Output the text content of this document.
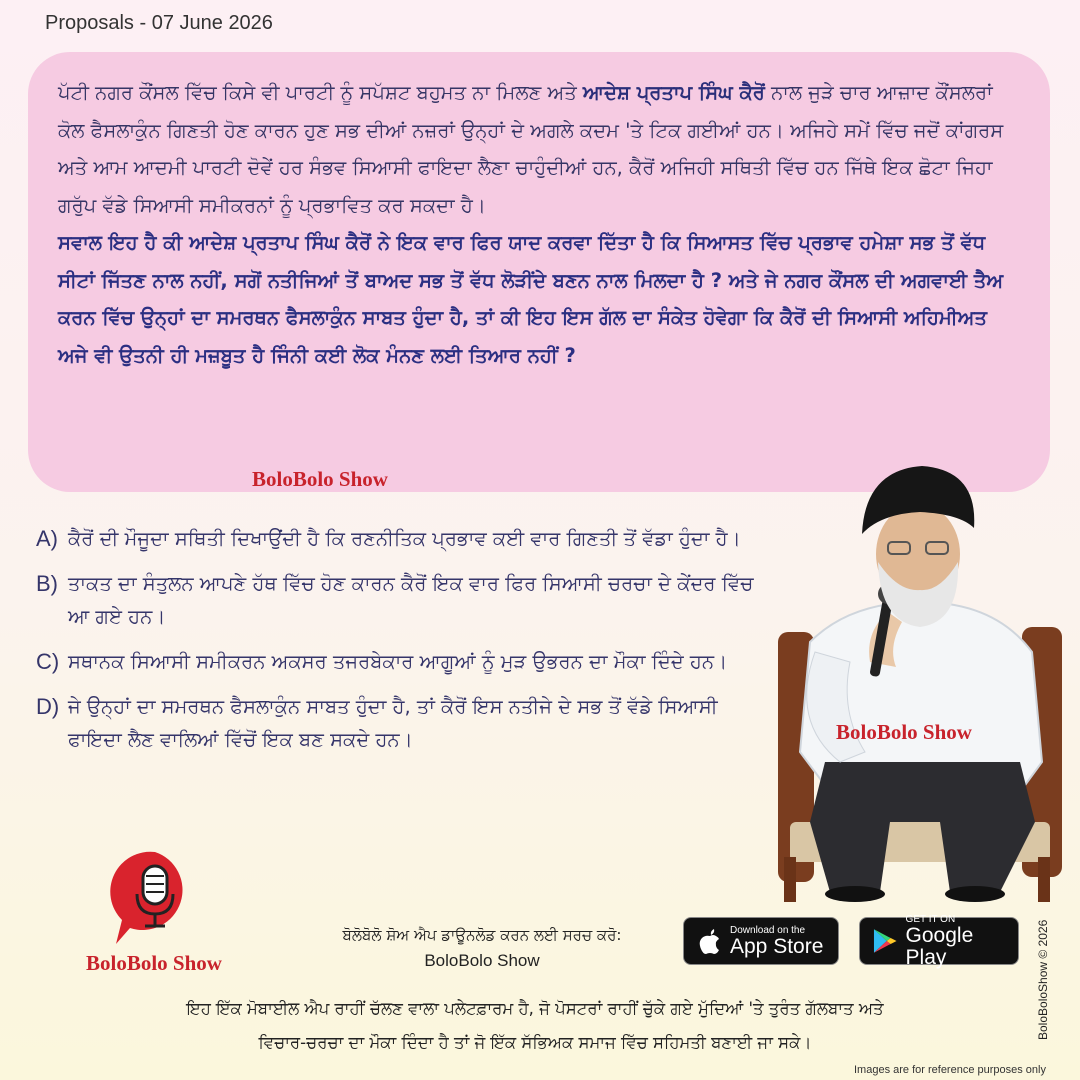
Proposals - 07 June 2026

ਪੱਟੀ ਨਗਰ ਕੌਂਸਲ ਵਿੱਚ ਕਿਸੇ ਵੀ ਪਾਰਟੀ ਨੂੰ ਸਪੱਸ਼ਟ ਬਹੁਮਤ ਨਾ ਮਿਲਣ ਅਤੇ ਆਦੇਸ਼ ਪ੍ਰਤਾਪ ਸਿੰਘ ਕੈਰੋਂ ਨਾਲ ਜੁੜੇ ਚਾਰ ਆਜ਼ਾਦ ਕੌਂਸਲਰਾਂ ਕੋਲ ਫੈਸਲਾਕੁੰਨ ਗਿਣਤੀ ਹੋਣ ਕਾਰਨ ਹੁਣ ਸਭ ਦੀਆਂ ਨਜ਼ਰਾਂ ਉਨ੍ਹਾਂ ਦੇ ਅਗਲੇ ਕਦਮ 'ਤੇ ਟਿਕ ਗਈਆਂ ਹਨ। ਅਜਿਹੇ ਸਮੇਂ ਵਿੱਚ ਜਦੋਂ ਕਾਂਗਰਸ ਅਤੇ ਆਮ ਆਦਮੀ ਪਾਰਟੀ ਦੋਵੇਂ ਹਰ ਸੰਭਵ ਸਿਆਸੀ ਫਾਇਦਾ ਲੈਣਾ ਚਾਹੁੰਦੀਆਂ ਹਨ, ਕੈਰੋਂ ਅਜਿਹੀ ਸਥਿਤੀ ਵਿੱਚ ਹਨ ਜਿੱਥੇ ਇਕ ਛੋਟਾ ਜਿਹਾ ਗਰੁੱਪ ਵੱਡੇ ਸਿਆਸੀ ਸਮੀਕਰਨਾਂ ਨੂੰ ਪ੍ਰਭਾਵਿਤ ਕਰ ਸਕਦਾ ਹੈ।

ਸਵਾਲ ਇਹ ਹੈ ਕੀ ਆਦੇਸ਼ ਪ੍ਰਤਾਪ ਸਿੰਘ ਕੈਰੋਂ ਨੇ ਇਕ ਵਾਰ ਫਿਰ ਯਾਦ ਕਰਵਾ ਦਿੱਤਾ ਹੈ ਕਿ ਸਿਆਸਤ ਵਿੱਚ ਪ੍ਰਭਾਵ ਹਮੇਸ਼ਾ ਸਭ ਤੋਂ ਵੱਧ ਸੀਟਾਂ ਜਿੱਤਣ ਨਾਲ ਨਹੀਂ, ਸਗੋਂ ਨਤੀਜਿਆਂ ਤੋਂ ਬਾਅਦ ਸਭ ਤੋਂ ਵੱਧ ਲੋੜੀਂਦੇ ਬਣਨ ਨਾਲ ਮਿਲਦਾ ਹੈ ? ਅਤੇ ਜੇ ਨਗਰ ਕੌਂਸਲ ਦੀ ਅਗਵਾਈ ਤੈਅ ਕਰਨ ਵਿੱਚ ਉਨ੍ਹਾਂ ਦਾ ਸਮਰਥਨ ਫੈਸਲਾਕੁੰਨ ਸਾਬਤ ਹੁੰਦਾ ਹੈ, ਤਾਂ ਕੀ ਇਹ ਇਸ ਗੱਲ ਦਾ ਸੰਕੇਤ ਹੋਵੇਗਾ ਕਿ ਕੈਰੋਂ ਦੀ ਸਿਆਸੀ ਅਹਿਮੀਅਤ ਅਜੇ ਵੀ ਉਤਨੀ ਹੀ ਮਜ਼ਬੂਤ ਹੈ ਜਿੰਨੀ ਕਈ ਲੋਕ ਮੰਨਣ ਲਈ ਤਿਆਰ ਨਹੀਂ ?

BoloBolo Show
A) ਕੈਰੋਂ ਦੀ ਮੌਜੂਦਾ ਸਥਿਤੀ ਦਿਖਾਉਂਦੀ ਹੈ ਕਿ ਰਣਨੀਤਿਕ ਪ੍ਰਭਾਵ ਕਈ ਵਾਰ ਗਿਣਤੀ ਤੋਂ ਵੱਡਾ ਹੁੰਦਾ ਹੈ।
B) ਤਾਕਤ ਦਾ ਸੰਤੁਲਨ ਆਪਣੇ ਹੱਥ ਵਿੱਚ ਹੋਣ ਕਾਰਨ ਕੈਰੋਂ ਇਕ ਵਾਰ ਫਿਰ ਸਿਆਸੀ ਚਰਚਾ ਦੇ ਕੇਂਦਰ ਵਿੱਚ ਆ ਗਏ ਹਨ।
C) ਸਥਾਨਕ ਸਿਆਸੀ ਸਮੀਕਰਨ ਅਕਸਰ ਤਜਰਬੇਕਾਰ ਆਗੂਆਂ ਨੂੰ ਮੁੜ ਉਭਰਨ ਦਾ ਮੌਕਾ ਦਿੰਦੇ ਹਨ।
D) ਜੇ ਉਨ੍ਹਾਂ ਦਾ ਸਮਰਥਨ ਫੈਸਲਾਕੁੰਨ ਸਾਬਤ ਹੁੰਦਾ ਹੈ, ਤਾਂ ਕੈਰੋਂ ਇਸ ਨਤੀਜੇ ਦੇ ਸਭ ਤੋਂ ਵੱਡੇ ਸਿਆਸੀ ਫਾਇਦਾ ਲੈਣ ਵਾਲਿਆਂ ਵਿੱਚੋਂ ਇਕ ਬਣ ਸਕਦੇ ਹਨ।	BoloBolo Show
BoloBolo Show
ਬੋਲੋਬੋਲੋ ਸ਼ੋਅ ਐਪ ਡਾਊਨਲੋਡ ਕਰਨ ਲਈ ਸਰਚ ਕਰੋ:
BoloBolo Show
Download on the
App Store
GET IT ON
Google Play
ਇਹ ਇੱਕ ਮੋਬਾਈਲ ਐਪ ਰਾਹੀਂ ਚੱਲਣ ਵਾਲਾ ਪਲੇਟਫ਼ਾਰਮ ਹੈ, ਜੋ ਪੋਸਟਰਾਂ ਰਾਹੀਂ ਚੁੱਕੇ ਗਏ ਮੁੱਦਿਆਂ 'ਤੇ ਤੁਰੰਤ ਗੱਲਬਾਤ ਅਤੇ
ਵਿਚਾਰ-ਚਰਚਾ ਦਾ ਮੌਕਾ ਦਿੰਦਾ ਹੈ ਤਾਂ ਜੋ ਇੱਕ ਸੱਭਿਅਕ ਸਮਾਜ ਵਿੱਚ ਸਹਿਮਤੀ ਬਣਾਈ ਜਾ ਸਕੇ।
BoloBoloShow © 2026
Images are for reference purposes only
